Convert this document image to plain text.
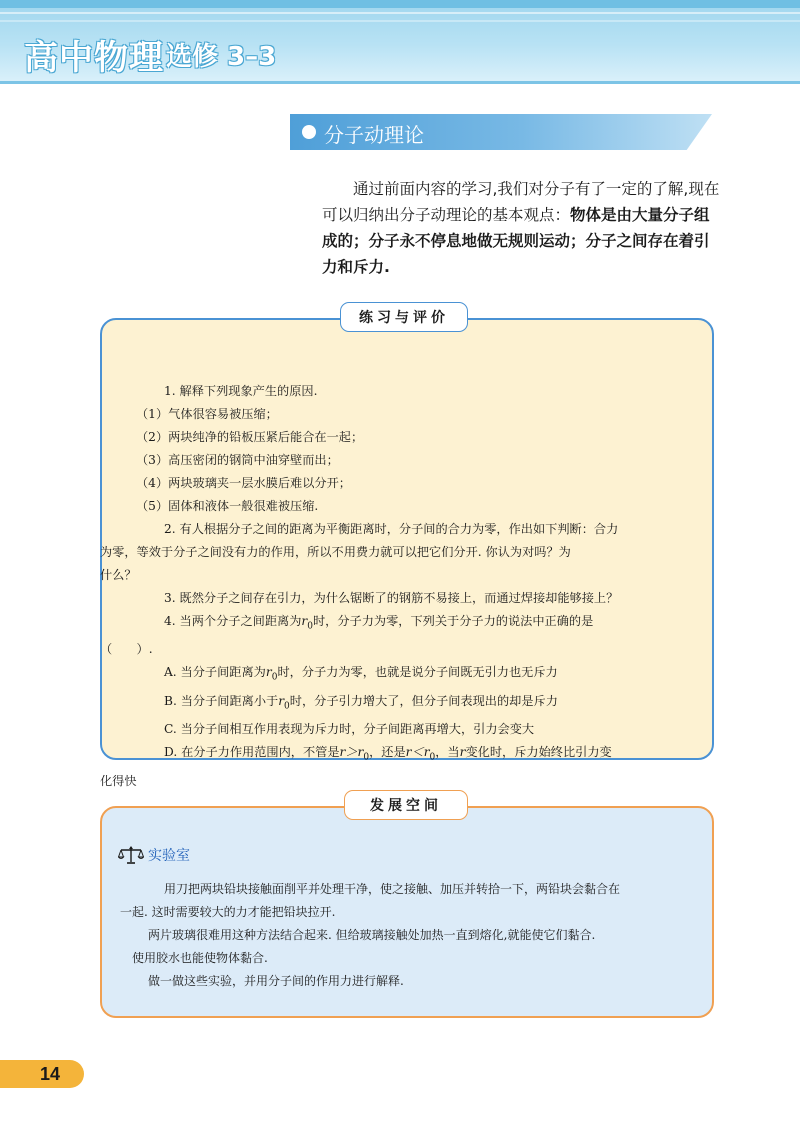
高中物理 选修 3–3
分子动理论

通过前面内容的学习,我们对分子有了一定的了解,现在可以归纳出分子动理论的基本观点：物体是由大量分子组成的；分子永不停息地做无规则运动；分子之间存在着引力和斥力.

练习与评价

1. 解释下列现象产生的原因.

（1）气体很容易被压缩；

（2）两块纯净的铅板压紧后能合在一起；

（3）高压密闭的钢筒中油穿壁而出；

（4）两块玻璃夹一层水膜后难以分开；

（5）固体和液体一般很难被压缩.

2. 有人根据分子之间的距离为平衡距离时，分子间的合力为零，作出如下判断：合力

为零，等效于分子之间没有力的作用，所以不用费力就可以把它们分开. 你认为对吗？为

什么？

3. 既然分子之间存在引力，为什么锯断了的钢筋不易接上，而通过焊接却能够接上？

4. 当两个分子之间距离为$r_0$时，分子力为零，下列关于分子力的说法中正确的是

（　　）.

A. 当分子间距离为$r_0$时，分子力为零，也就是说分子间既无引力也无斥力

B. 当分子间距离小于$r_0$时，分子引力增大了，但分子间表现出的却是斥力

C. 当分子间相互作用表现为斥力时，分子间距离再增大，引力会变大

D. 在分子力作用范围内，不管是$r>r_0$，还是$r<r_0$，当r变化时，斥力始终比引力变

化得快

发展空间
实验室

用刀把两块铅块接触面削平并处理干净，使之接触、加压并转拾一下，两铅块会黏合在

一起. 这时需要较大的力才能把铅块拉开.

两片玻璃很难用这种方法结合起来. 但给玻璃接触处加热一直到熔化,就能使它们黏合.

使用胶水也能使物体黏合.

做一做这些实验，并用分子间的作用力进行解释.

14
